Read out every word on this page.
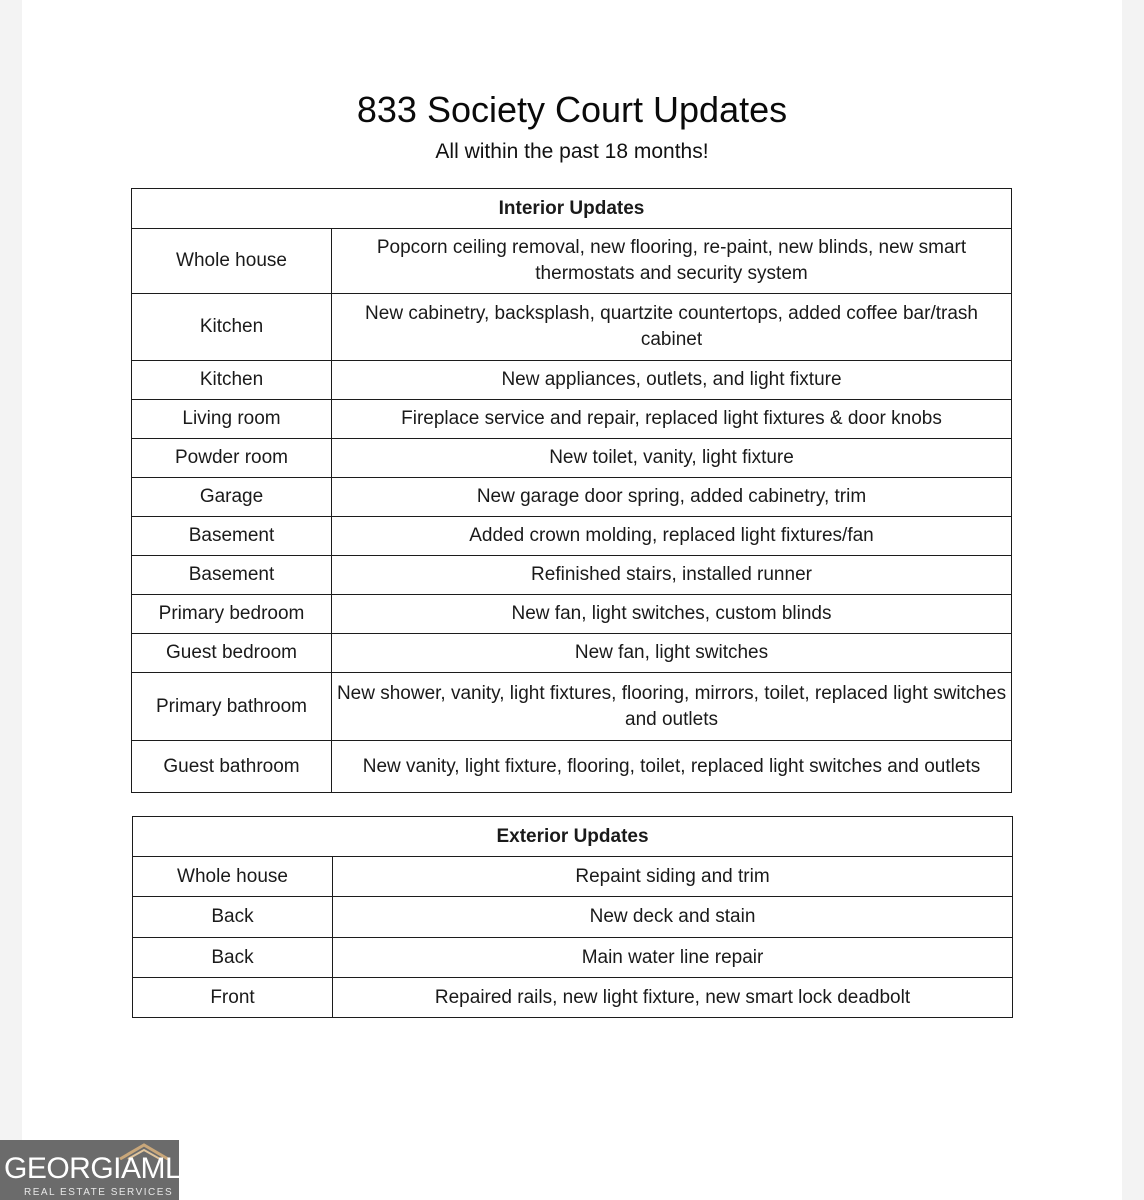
833 Society Court Updates
All within the past 18 months!
Interior Updates	
Whole house	Popcorn ceiling removal, new flooring, re-paint, new blinds, new smart thermostats and security system
Kitchen	New cabinetry, backsplash, quartzite countertops, added coffee bar/trash cabinet
Kitchen	New appliances, outlets, and light fixture
Living room	Fireplace service and repair, replaced light fixtures & door knobs
Powder room	New toilet, vanity, light fixture
Garage	New garage door spring, added cabinetry, trim
Basement	Added crown molding, replaced light fixtures/fan
Basement	Refinished stairs, installed runner
Primary bedroom	New fan, light switches, custom blinds
Guest bedroom	New fan, light switches
Primary bathroom	New shower, vanity, light fixtures, flooring, mirrors, toilet, replaced light switches and outlets
Guest bathroom	New vanity, light fixture, flooring, toilet, replaced light switches and outlets
Exterior Updates	
Whole house	Repaint siding and trim
Back	New deck and stain
Back	Main water line repair
Front	Repaired rails, new light fixture, new smart lock deadbolt
GEORGIAMLS
REAL ESTATE SERVICES
